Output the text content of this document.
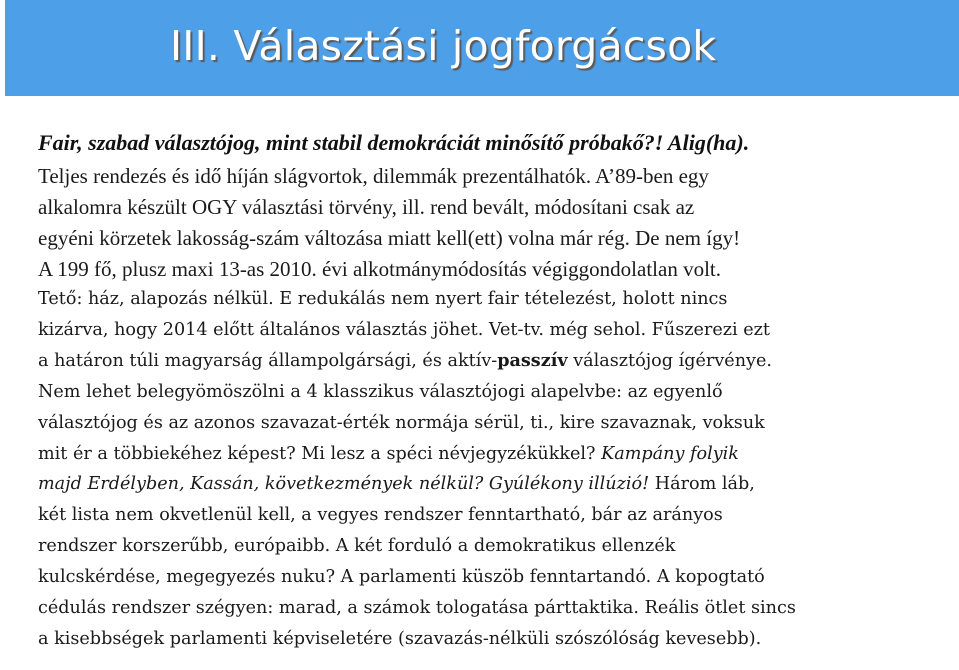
III. Választási jogforgácsok

Fair, szabad választójog, mint stabil demokráciát minősítő próbakő?! Alig(ha).

Teljes rendezés és idő híján slágvortok, dilemmák prezentálhatók. A’89-ben egy
alkalomra készült OGY választási törvény, ill. rend bevált, módosítani csak az
egyéni körzetek lakosság-szám változása miatt kell(ett) volna már rég. De nem így!
A 199 fő, plusz maxi 13-as 2010. évi alkotmánymódosítás végiggondolatlan volt.
Tető: ház, alapozás nélkül. E redukálás nem nyert fair tételezést, holott nincs
kizárva, hogy 2014 előtt általános választás jöhet. Vet-tv. még sehol. Fűszerezi ezt
a határon túli magyarság állampolgársági, és aktív-passzív választójog ígérvénye.
Nem lehet belegyömöszölni a 4 klasszikus választójogi alapelvbe: az egyenlő
választójog és az azonos szavazat-érték normája sérül, ti., kire szavaznak, voksuk
mit ér a többiekéhez képest? Mi lesz a spéci névjegyzékükkel? Kampány folyik
majd Erdélyben, Kassán, következmények nélkül? Gyúlékony illúzió! Három láb,
két lista nem okvetlenül kell, a vegyes rendszer fenntartható, bár az arányos
rendszer korszerűbb, európaibb. A két forduló a demokratikus ellenzék
kulcskérdése, megegyezés nuku? A parlamenti küszöb fenntartandó. A kopogtató
cédulás rendszer szégyen: marad, a számok tologatása párttaktika. Reális ötlet sincs
a kisebbségek parlamenti képviseletére (szavazás-nélküli szószólóság kevesebb).
